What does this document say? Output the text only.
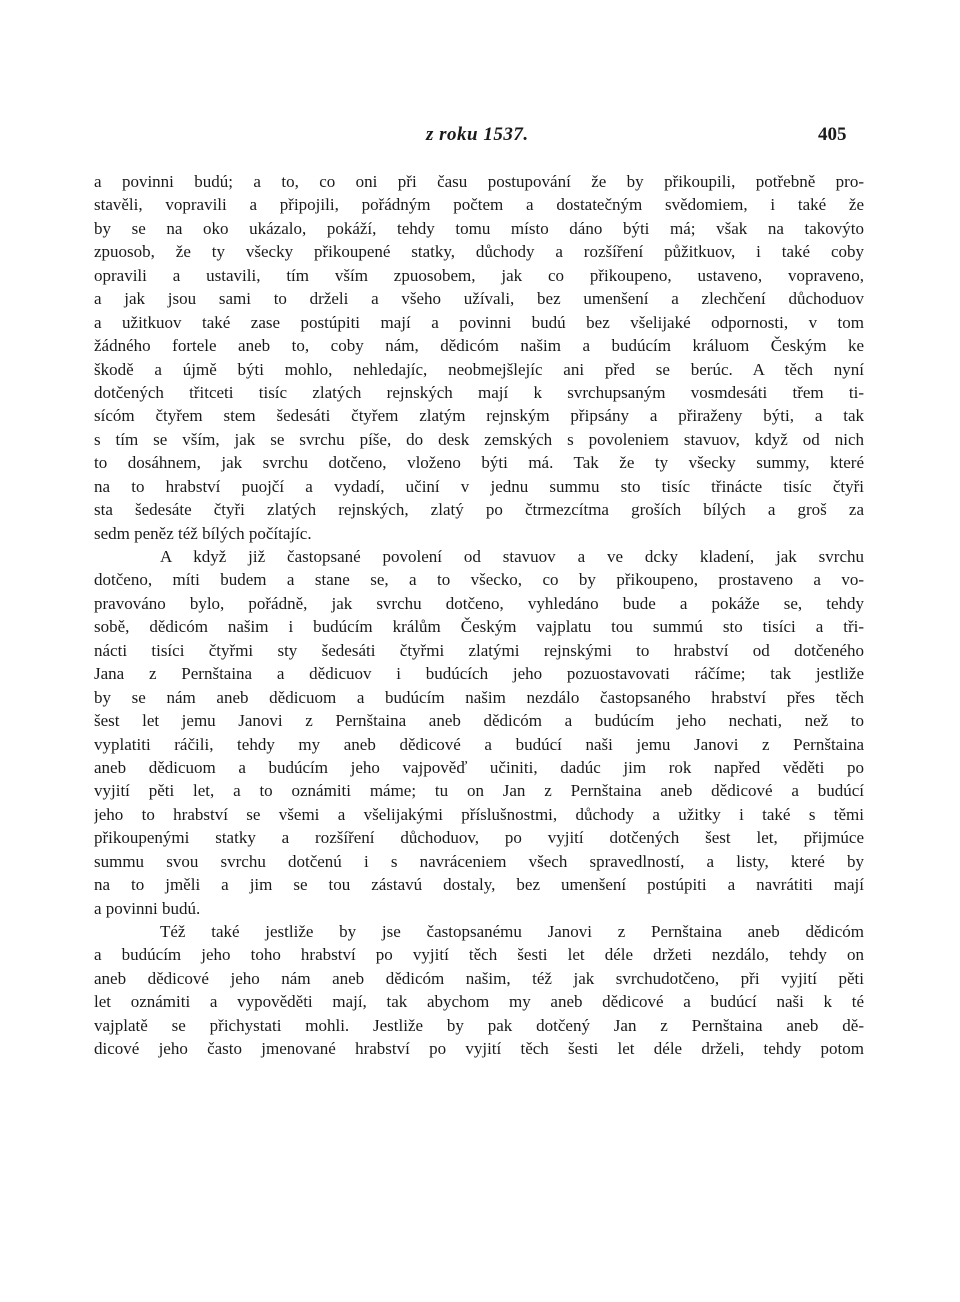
z roku 1537.	405
a povinni budú; a to, co oni při času postupování že by přikoupili, potřebně pro-
stavěli, vopravili a připojili, pořádným počtem a dostatečným svědomiem, i také že
by se na oko ukázalo, pokáží, tehdy tomu místo dáno býti má; však na takovýto
zpuosob, že ty všecky přikoupené statky, důchody a rozšíření půžitkuov, i také coby
opravili a ustavili, tím vším zpuosobem, jak co přikoupeno, ustaveno, vopraveno,
a jak jsou sami to drželi a všeho užívali, bez umenšení a zlechčení důchoduov
a užitkuov také zase postúpiti mají a povinni budú bez všelijaké odpornosti, v tom
žádného fortele aneb to, coby nám, dědicóm našim a budúcím králuom Českým ke
škodě a újmě býti mohlo, nehledajíc, neobmejšlejíc ani před se berúc. A těch nyní
dotčených třitceti tisíc zlatých rejnských mají k svrchupsaným vosmdesáti třem ti-
sícóm čtyřem stem šedesáti čtyřem zlatým rejnským připsány a přiraženy býti, a tak
s tím se vším, jak se svrchu píše, do desk zemských s povoleniem stavuov, když od nich
to dosáhnem, jak svrchu dotčeno, vloženo býti má. Tak že ty všecky summy, které
na to hrabství puojčí a vydadí, učiní v jednu summu sto tisíc třinácte tisíc čtyři
sta šedesáte čtyři zlatých rejnských, zlatý po čtrmezcítma groších bílých a groš za
sedm peněz též bílých počítajíc.
A když již častopsané povolení od stavuov a ve dcky kladení, jak svrchu
dotčeno, míti budem a stane se, a to všecko, co by přikoupeno, prostaveno a vo-
pravováno bylo, pořádně, jak svrchu dotčeno, vyhledáno bude a pokáže se, tehdy
sobě, dědicóm našim i budúcím králům Českým vajplatu tou summú sto tisíci a tři-
nácti tisíci čtyřmi sty šedesáti čtyřmi zlatými rejnskými to hrabství od dotčeného
Jana z Pernštaina a dědicuov i budúcích jeho pozuostavovati ráčíme; tak jestliže
by se nám aneb dědicuom a budúcím našim nezdálo častopsaného hrabství přes těch
šest let jemu Janovi z Pernštaina aneb dědicóm a budúcím jeho nechati, než to
vyplatiti ráčili, tehdy my aneb dědicové a budúcí naši jemu Janovi z Pernštaina
aneb dědicuom a budúcím jeho vajpověď učiniti, dadúc jim rok napřed věděti po
vyjití pěti let, a to oznámiti máme; tu on Jan z Pernštaina aneb dědicové a budúcí
jeho to hrabství se všemi a všelijakými příslušnostmi, důchody a užitky i také s těmi
přikoupenými statky a rozšíření důchoduov, po vyjití dotčených šest let, přijmúce
summu svou svrchu dotčenú i s navráceniem všech spravedlností, a listy, které by
na to jměli a jim se tou zástavú dostaly, bez umenšení postúpiti a navrátiti mají
a povinni budú.
Též také jestliže by jse častopsanému Janovi z Pernštaina aneb dědicóm
a budúcím jeho toho hrabství po vyjití těch šesti let déle držeti nezdálo, tehdy on
aneb dědicové jeho nám aneb dědicóm našim, též jak svrchudotčeno, při vyjití pěti
let oznámiti a vypověděti mají, tak abychom my aneb dědicové a budúcí naši k té
vajplatě se přichystati mohli. Jestliže by pak dotčený Jan z Pernštaina aneb dě-
dicové jeho často jmenované hrabství po vyjití těch šesti let déle drželi, tehdy potom
